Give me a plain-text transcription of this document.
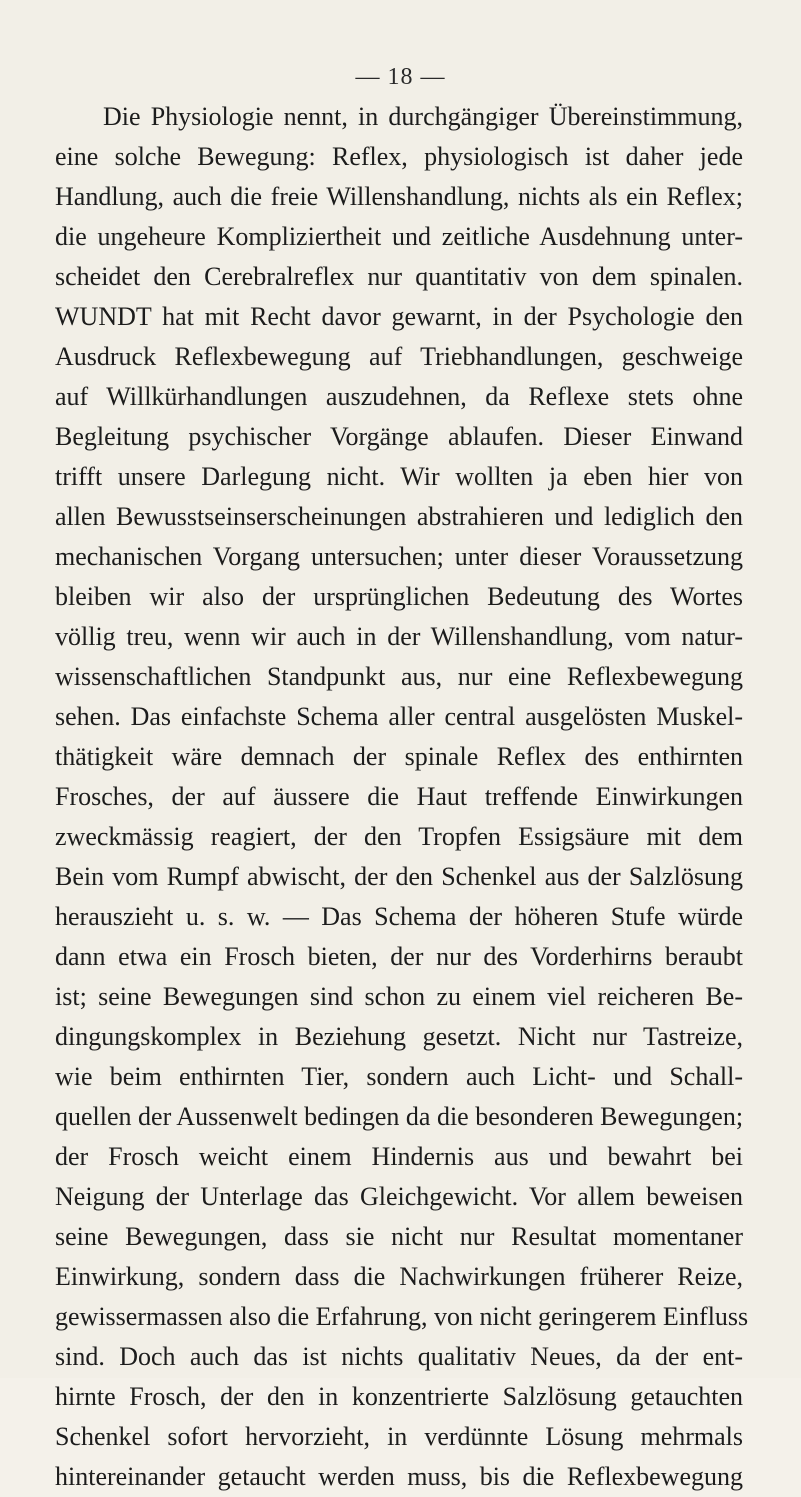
— 18 —
Die Physiologie nennt, in durchgängiger Übereinstimmung,
eine solche Bewegung: Reflex, physiologisch ist daher jede
Handlung, auch die freie Willenshandlung, nichts als ein Reflex;
die ungeheure Kompliziertheit und zeitliche Ausdehnung unter-
scheidet den Cerebralreflex nur quantitativ von dem spinalen.
WUNDT hat mit Recht davor gewarnt, in der Psychologie den
Ausdruck Reflexbewegung auf Triebhandlungen, geschweige
auf Willkürhandlungen auszudehnen, da Reflexe stets ohne
Begleitung psychischer Vorgänge ablaufen. Dieser Einwand
trifft unsere Darlegung nicht. Wir wollten ja eben hier von
allen Bewusstseinserscheinungen abstrahieren und lediglich den
mechanischen Vorgang untersuchen; unter dieser Voraussetzung
bleiben wir also der ursprünglichen Bedeutung des Wortes
völlig treu, wenn wir auch in der Willenshandlung, vom natur-
wissenschaftlichen Standpunkt aus, nur eine Reflexbewegung
sehen. Das einfachste Schema aller central ausgelösten Muskel-
thätigkeit wäre demnach der spinale Reflex des enthirnten
Frosches, der auf äussere die Haut treffende Einwirkungen
zweckmässig reagiert, der den Tropfen Essigsäure mit dem
Bein vom Rumpf abwischt, der den Schenkel aus der Salzlösung
herauszieht u. s. w. — Das Schema der höheren Stufe würde
dann etwa ein Frosch bieten, der nur des Vorderhirns beraubt
ist; seine Bewegungen sind schon zu einem viel reicheren Be-
dingungskomplex in Beziehung gesetzt. Nicht nur Tastreize,
wie beim enthirnten Tier, sondern auch Licht- und Schall-
quellen der Aussenwelt bedingen da die besonderen Bewegungen;
der Frosch weicht einem Hindernis aus und bewahrt bei
Neigung der Unterlage das Gleichgewicht. Vor allem beweisen
seine Bewegungen, dass sie nicht nur Resultat momentaner
Einwirkung, sondern dass die Nachwirkungen früherer Reize,
gewissermassen also die Erfahrung, von nicht geringerem Einfluss
sind. Doch auch das ist nichts qualitativ Neues, da der ent-
hirnte Frosch, der den in konzentrierte Salzlösung getauchten
Schenkel sofort hervorzieht, in verdünnte Lösung mehrmals
hintereinander getaucht werden muss, bis die Reflexbewegung
